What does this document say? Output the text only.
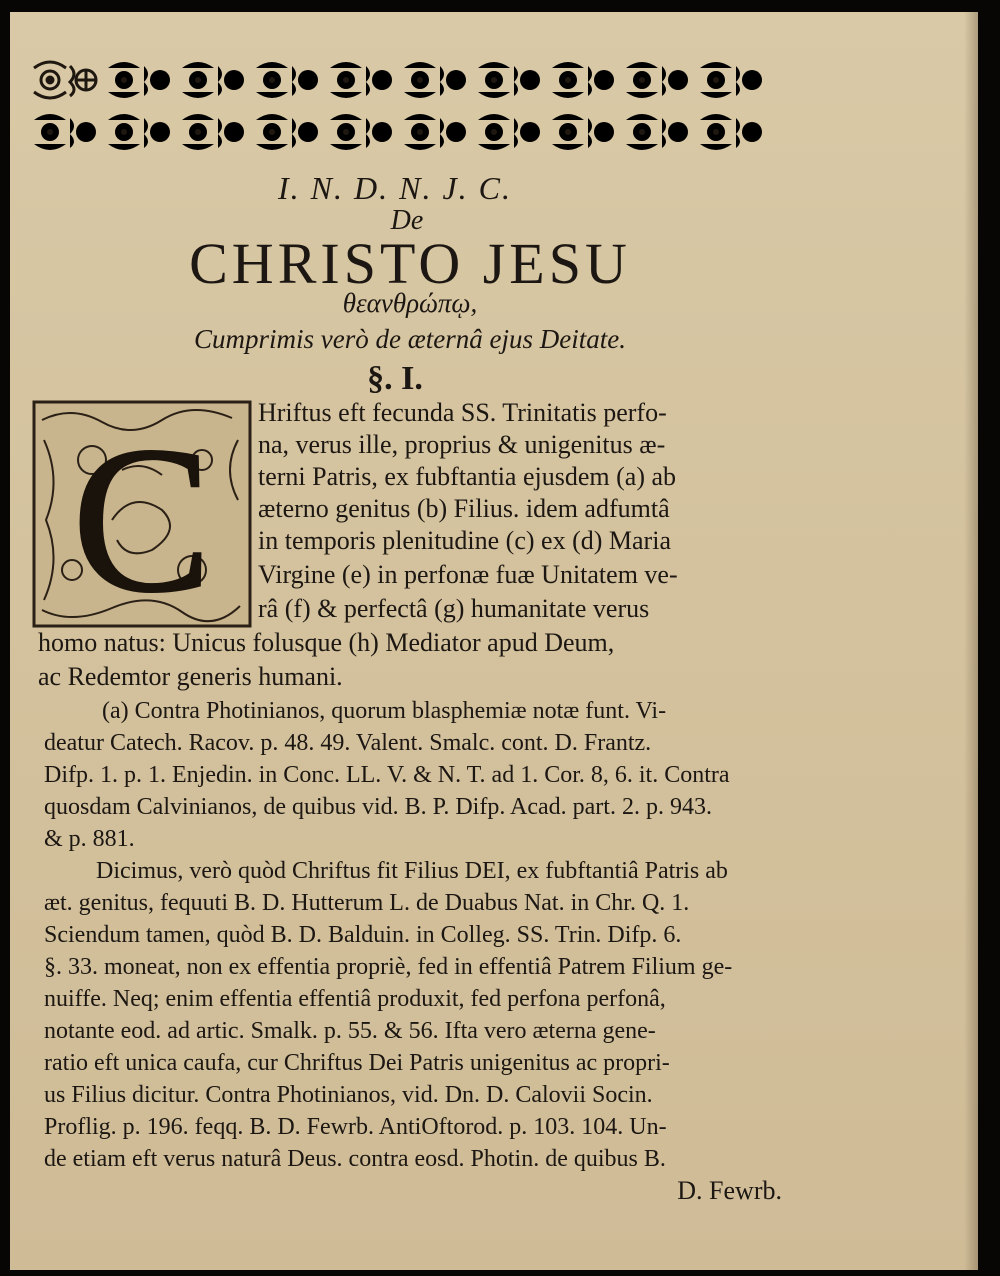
I. N. D. N. J. C.
De
CHRISTO JESU
θεανθρώπῳ,
Cumprimis verò de æternâ ejus Deitate.
§. I.
C Hriftus eft fecunda SS. Trinitatis perfo-
na, verus ille, proprius & unigenitus æ-
terni Patris, ex fubftantia ejusdem (a) ab
æterno genitus (b) Filius. idem adfumtâ
in temporis plenitudine (c) ex (d) Maria
Virgine (e) in perfonæ fuæ Unitatem ve-
râ (f) & perfectâ (g) humanitate verus
homo natus: Unicus folusque (h) Mediator apud Deum,
ac Redemtor generis humani.
(a) Contra Photinianos, quorum blasphemiæ notæ funt. Vi-
deatur Catech. Racov. p. 48. 49. Valent. Smalc. cont. D. Frantz.
Difp. 1. p. 1. Enjedin. in Conc. LL. V. & N. T. ad 1. Cor. 8, 6. it. Contra
quosdam Calvinianos, de quibus vid. B. P. Difp. Acad. part. 2. p. 943.
& p. 881.
Dicimus, verò quòd Chriftus fit Filius DEI, ex fubftantiâ Patris ab
æt. genitus, fequuti B. D. Hutterum L. de Duabus Nat. in Chr. Q. 1.
Sciendum tamen, quòd B. D. Balduin. in Colleg. SS. Trin. Difp. 6.
§. 33. moneat, non ex effentia propriè, fed in effentiâ Patrem Filium ge-
nuiffe. Neq; enim effentia effentiâ produxit, fed perfona perfonâ,
notante eod. ad artic. Smalk. p. 55. & 56. Ifta vero æterna gene-
ratio eft unica caufa, cur Chriftus Dei Patris unigenitus ac propri-
us Filius dicitur. Contra Photinianos, vid. Dn. D. Calovii Socin.
Proflig. p. 196. feqq. B. D. Fewrb. AntiOftorod. p. 103. 104. Un-
de etiam eft verus naturâ Deus. contra eosd. Photin. de quibus B.
D. Fewrb.
